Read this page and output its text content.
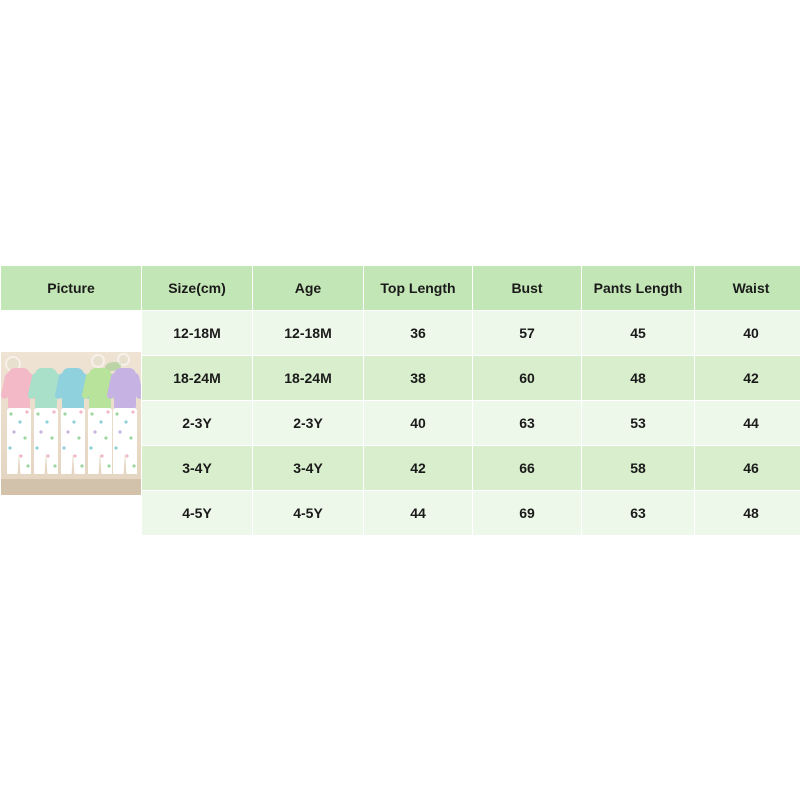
Picture	Size(cm)	Age	Top Length	Bust	Pants Length	Waist

	12-18M	12-18M	36	57	45	40
	18-24M	18-24M	38	60	48	42
	2-3Y	2-3Y	40	63	53	44
	3-4Y	3-4Y	42	66	58	46
	4-5Y	4-5Y	44	69	63	48
